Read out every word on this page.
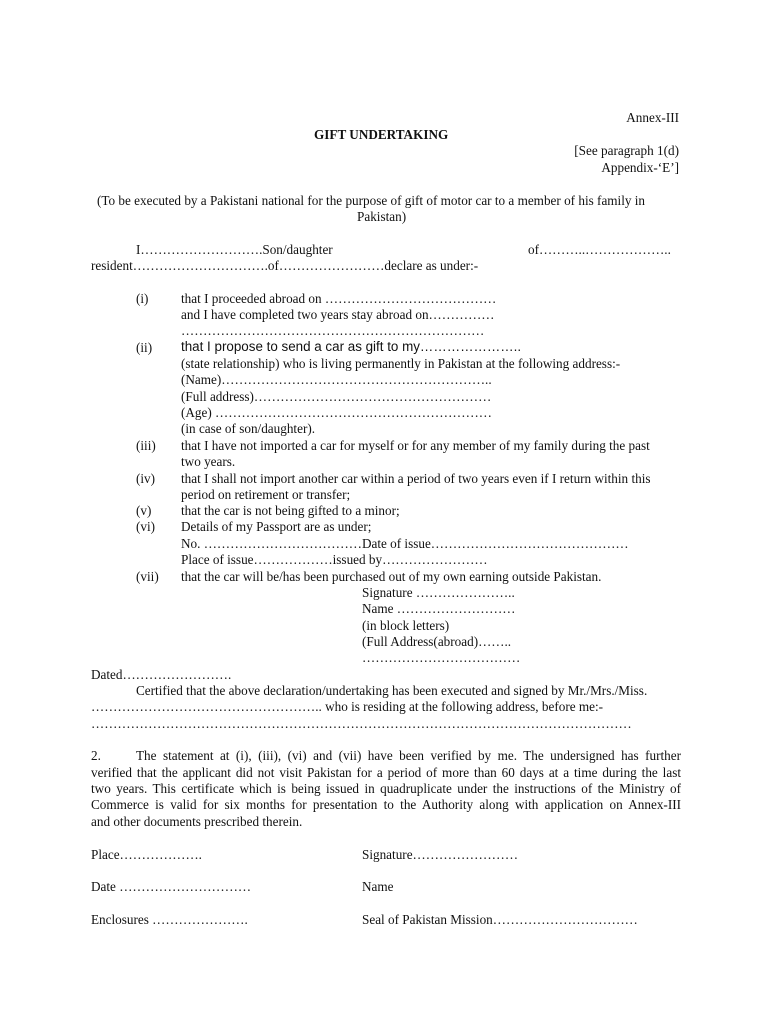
Annex-III
GIFT UNDERTAKING
[See paragraph 1(d)
Appendix-‘E’]
(To be executed by a Pakistani national for the purpose of gift of motor car to a member of his family in
Pakistan)
I……………………….Son/daughter	of………..………………..
resident………………………….of……………………declare as under:-
(i) that I proceeded abroad on …………………………………
and I have completed two years stay abroad on……………
……………………………………………………………
(ii) that I propose to send a car as gift to my…………………..
(state relationship) who is living permanently in Pakistan at the following address:-
(Name)……………………………………………………..
(Full address)………………………………………………
(Age) ………………………………………………………
(in case of son/daughter).
(iii) that I have not imported a car for myself or for any member of my family during the past
two years.
(iv) that I shall not import another car within a period of two years even if I return within this
period on retirement or transfer;
(v) that the car is not being gifted to a minor;
(vi) Details of my Passport are as under;
No. ………………………………Date of issue………………………………………
Place of issue………………issued by……………………
(vii) that the car will be/has been purchased out of my own earning outside Pakistan.
Signature …………………..
Name ………………………
(in block letters)
(Full Address(abroad)……..
………………………………
Dated…………………….
Certified that the above declaration/undertaking has been executed and signed by Mr./Mrs./Miss.
…………………………………………….. who is residing at the following address, before me:-
……………………………………………………………………………………………………………
2.	The statement at (i), (iii), (vi) and (vii) have been verified by me. The undersigned has further
verified that the applicant did not visit Pakistan for a period of more than 60 days at a time during the last
two years. This certificate which is being issued in quadruplicate under the instructions of the Ministry of
Commerce is valid for six months for presentation to the Authority along with application on Annex-III
and other documents prescribed therein.
Place……………….	Signature……………………
Date …………………………	Name
Enclosures ………………….	Seal of Pakistan Mission……………………………
